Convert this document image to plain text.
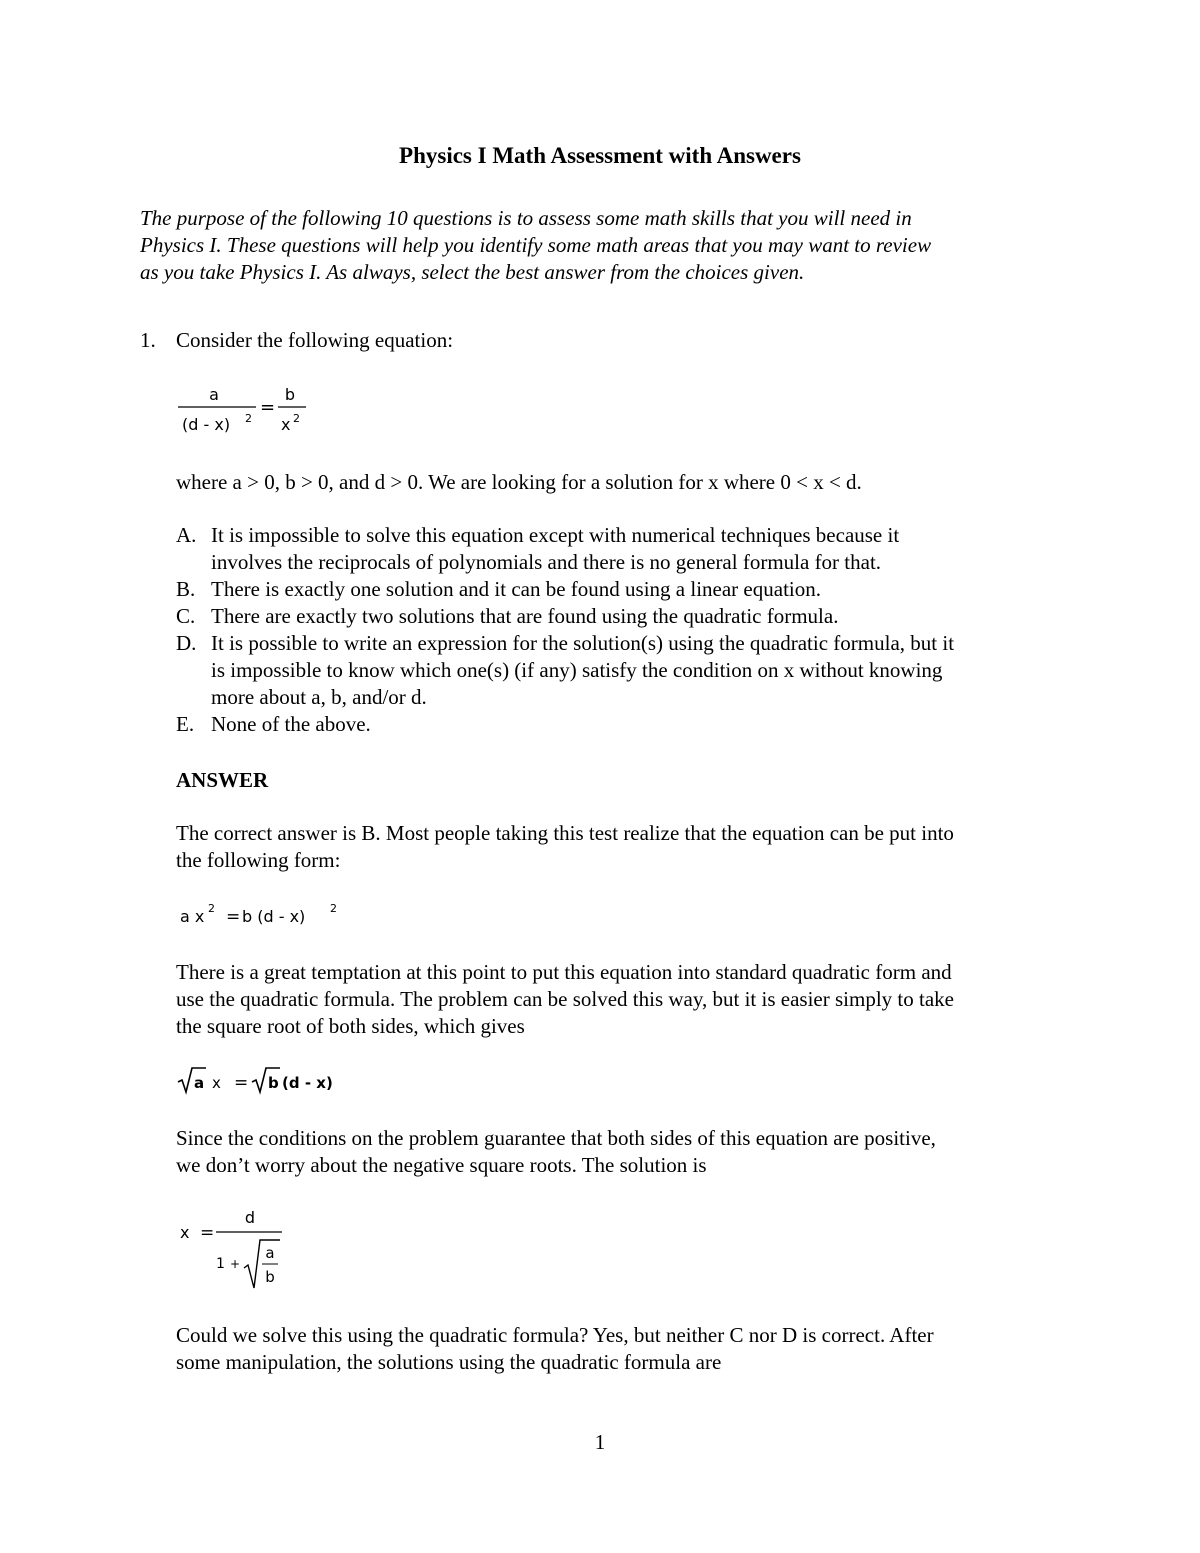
Physics I Math Assessment with Answers
The purpose of the following 10 questions is to assess some math skills that you will need in
Physics I. These questions will help you identify some math areas that you may want to review
as you take Physics I. As always, select the best answer from the choices given.
1. Consider the following equation:
a
(d - x) 2
=
b
x 2
where a > 0, b > 0, and d > 0. We are looking for a solution for x where 0 < x < d.
A. It is impossible to solve this equation except with numerical techniques because it
involves the reciprocals of polynomials and there is no general formula for that.
B. There is exactly one solution and it can be found using a linear equation.
C. There are exactly two solutions that are found using the quadratic formula.
D. It is possible to write an expression for the solution(s) using the quadratic formula, but it
is impossible to know which one(s) (if any) satisfy the condition on x without knowing
more about a, b, and/or d.
E. None of the above.
ANSWER
The correct answer is B. Most people taking this test realize that the equation can be put into
the following form:
a x 2 = b (d - x) 2
There is a great temptation at this point to put this equation into standard quadratic form and
use the quadratic formula. The problem can be solved this way, but it is easier simply to take
the square root of both sides, which gives
a x = b (d - x)
Since the conditions on the problem guarantee that both sides of this equation are positive,
we don’t worry about the negative square roots. The solution is
x =
d
1 +
a
b
Could we solve this using the quadratic formula? Yes, but neither C nor D is correct. After
some manipulation, the solutions using the quadratic formula are
1
